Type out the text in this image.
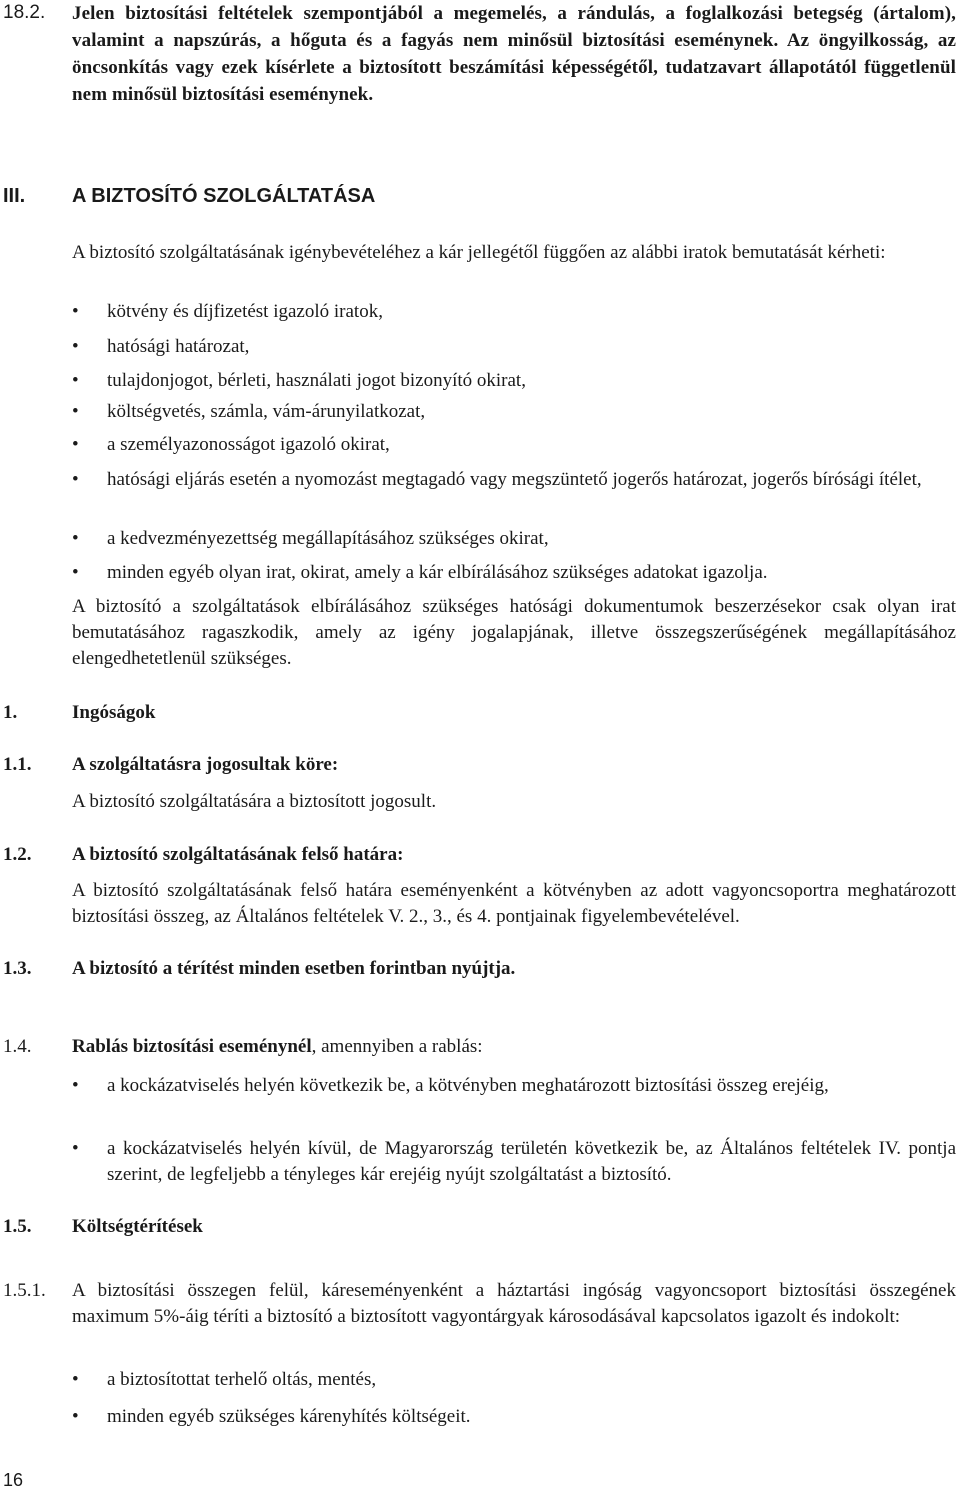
18.2. Jelen biztosítási feltételek szempontjából a megemelés, a rándulás, a foglalkozási betegség (ártalom), valamint a napszúrás, a hőguta és a fagyás nem minősül biztosítási eseménynek. Az öngyilkosság, az öncsonkítás vagy ezek kísérlete a biztosított beszámítási képességétől, tudatzavart állapotától függetlenül nem minősül biztosítási eseménynek.
III. A BIZTOSÍTÓ SZOLGÁLTATÁSA
A biztosító szolgáltatásának igénybevételéhez a kár jellegétől függően az alábbi iratok bemutatását kérheti:
•	kötvény és díjfizetést igazoló iratok,
•	hatósági határozat,
•	tulajdonjogot, bérleti, használati jogot bizonyító okirat,
•	költségvetés, számla, vám-árunyilatkozat,
•	a személyazonosságot igazoló okirat,
•	hatósági eljárás esetén a nyomozást megtagadó vagy megszüntető jogerős határozat, jogerős bírósági ítélet,
•	a kedvezményezettség megállapításához szükséges okirat,
•	minden egyéb olyan irat, okirat, amely a kár elbírálásához szükséges adatokat igazolja.
A biztosító a szolgáltatások elbírálásához szükséges hatósági dokumentumok beszerzésekor csak olyan irat bemutatásához ragaszkodik, amely az igény jogalapjának, illetve összegszerűségének megállapításához elengedhetetlenül szükséges.
1.	Ingóságok
1.1. A szolgáltatásra jogosultak köre:
A biztosító szolgáltatására a biztosított jogosult.
1.2. A biztosító szolgáltatásának felső határa:
A biztosító szolgáltatásának felső határa eseményenként a kötvényben az adott vagyoncsoportra meghatározott biztosítási összeg, az Általános feltételek V. 2., 3., és 4. pontjainak figyelembevételével.
1.3. A biztosító a térítést minden esetben forintban nyújtja.
1.4. Rablás biztosítási eseménynél, amennyiben a rablás:
•	a kockázatviselés helyén következik be, a kötvényben meghatározott biztosítási összeg erejéig,
•	a kockázatviselés helyén kívül, de Magyarország területén következik be, az Általános feltételek IV. pontja szerint, de legfeljebb a tényleges kár erejéig nyújt szolgáltatást a biztosító.
1.5. Költségtérítések
1.5.1. A biztosítási összegen felül, káreseményenként a háztartási ingóság vagyoncsoport biztosítási összegének maximum 5%-áig téríti a biztosító a biztosított vagyontárgyak károsodásával kapcsolatos igazolt és indokolt:
•	a biztosítottat terhelő oltás, mentés,
•	minden egyéb szükséges kárenyhítés költségeit.
16
